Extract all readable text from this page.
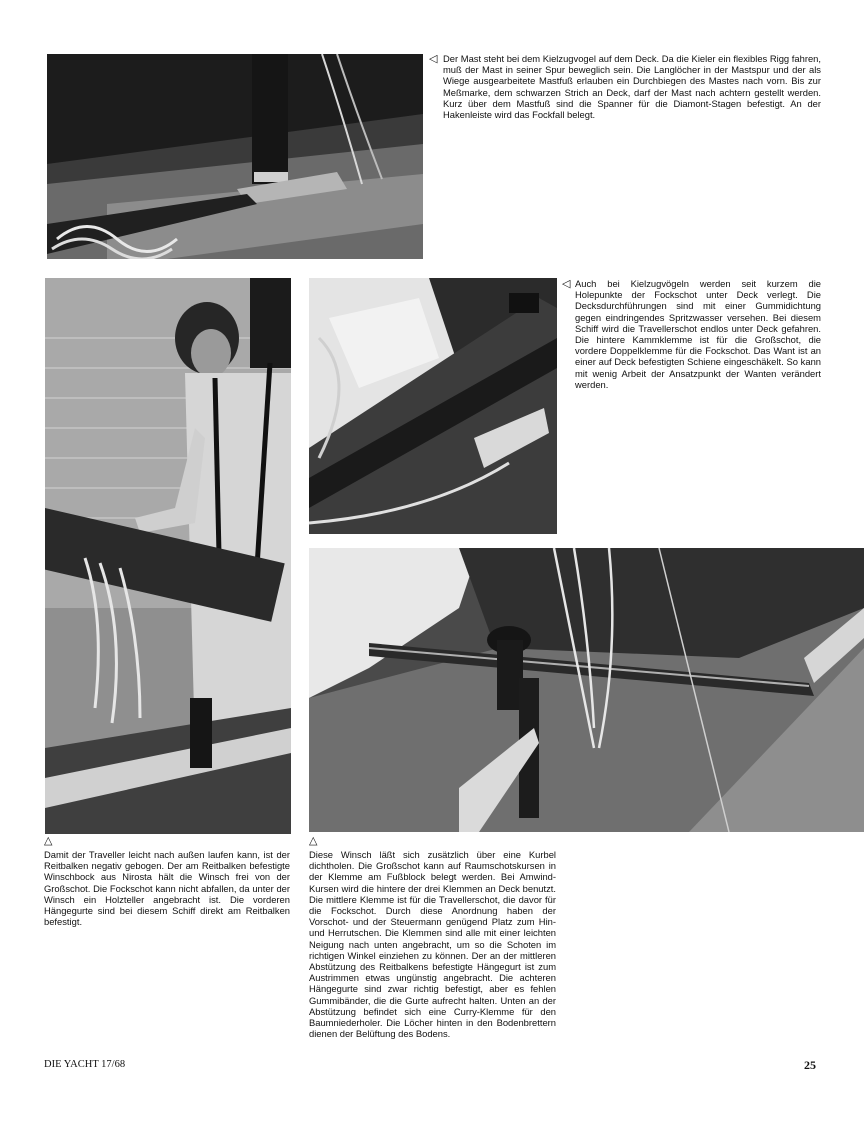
◁ Der Mast steht bei dem Kielzugvogel auf dem Deck. Da die Kieler ein flexibles Rigg fahren, muß der Mast in seiner Spur beweglich sein. Die Langlöcher in der Mastspur und der als Wiege ausgearbeitete Mastfuß erlauben ein Durchbiegen des Mastes nach vorn. Bis zur Meßmarke, dem schwarzen Strich an Deck, darf der Mast nach achtern gestellt werden. Kurz über dem Mastfuß sind die Spanner für die Diamont-Stagen befestigt. An der Hakenleiste wird das Fockfall belegt.

◁ Auch bei Kielzugvögeln werden seit kurzem die Holepunkte der Fockschot unter Deck verlegt. Die Decksdurchführungen sind mit einer Gummidichtung gegen eindringendes Spritzwasser versehen. Bei diesem Schiff wird die Travellerschot endlos unter Deck gefahren. Die hintere Kammklemme ist für die Großschot, die vordere Doppelklemme für die Fockschot. Das Want ist an einer auf Deck befestigten Schiene eingeschäkelt. So kann mit wenig Arbeit der Ansatzpunkt der Wanten verändert werden.

△

Damit der Traveller leicht nach außen laufen kann, ist der Reitbalken negativ gebogen. Der am Reitbalken befestigte Winschbock aus Nirosta hält die Winsch frei von der Großschot. Die Fockschot kann nicht abfallen, da unter der Winsch ein Holzteller angebracht ist. Die vorderen Hängegurte sind bei diesem Schiff direkt am Reitbalken befestigt.

△

Diese Winsch läßt sich zusätzlich über eine Kurbel dichtholen. Die Großschot kann auf Raumschotskursen in der Klemme am Fußblock belegt werden. Bei Amwind-Kursen wird die hintere der drei Klemmen an Deck benutzt. Die mittlere Klemme ist für die Travellerschot, die davor für die Fockschot. Durch diese Anordnung haben der Vorschot- und der Steuermann genügend Platz zum Hin- und Herrutschen. Die Klemmen sind alle mit einer leichten Neigung nach unten angebracht, um so die Schoten im richtigen Winkel einziehen zu können. Der an der mittleren Abstützung des Reitbalkens befestigte Hängegurt ist zum Austrimmen etwas ungünstig angebracht. Die achteren Hängegurte sind zwar richtig befestigt, aber es fehlen Gummibänder, die die Gurte aufrecht halten. Unten an der Abstützung befindet sich eine Curry-Klemme für den Baumniederholer. Die Löcher hinten in den Bodenbrettern dienen der Belüftung des Bodens.

DIE YACHT 17/68	25
